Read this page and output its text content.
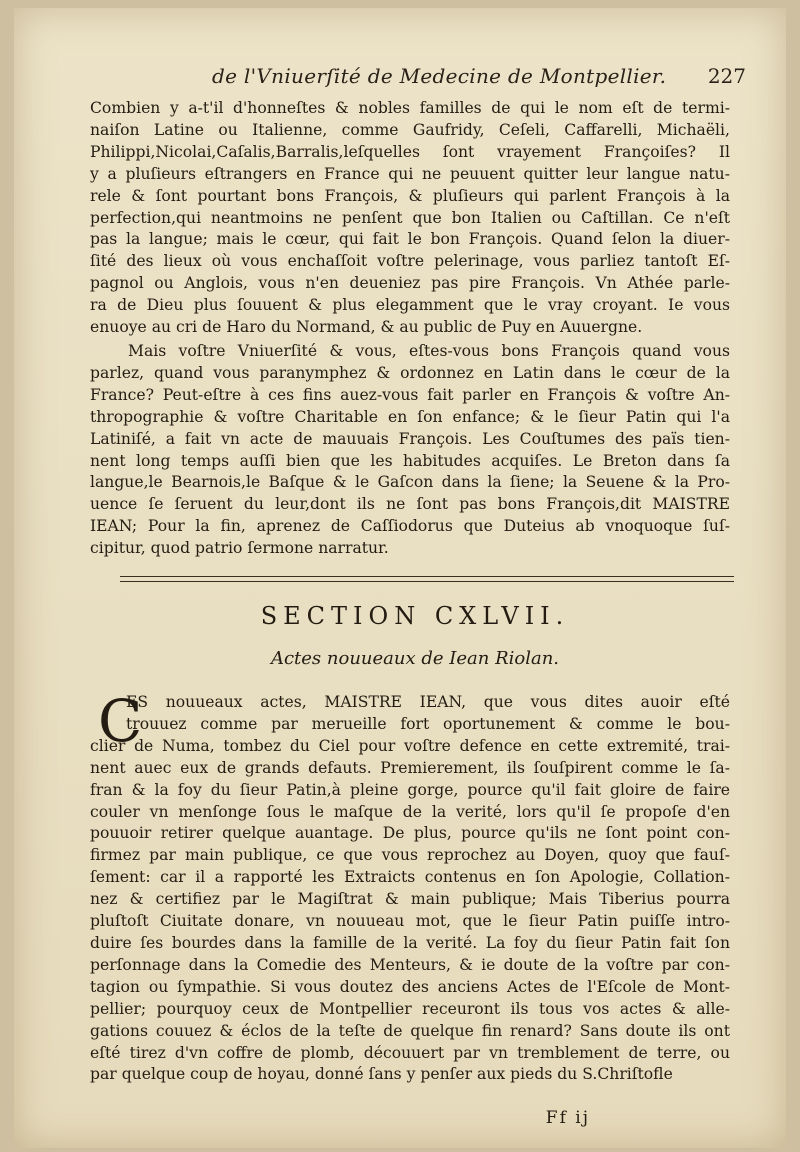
de l'Vniuerſité de Medecine de Montpellier. 227
Combien y a-t'il d'honneſtes & nobles familles de qui le nom eſt de termi-
naiſon Latine ou Italienne, comme Gaufridy, Ceſeli, Caffarelli, Michaëli,
Philippi,Nicolai,Caſalis,Barralis,leſquelles ſont vrayement Françoiſes? Il
y a pluſieurs eſtrangers en France qui ne peuuent quitter leur langue natu-
rele & ſont pourtant bons François, & pluſieurs qui parlent François à la
perfection,qui neantmoins ne penſent que bon Italien ou Caſtillan. Ce n'eſt
pas la langue; mais le cœur, qui fait le bon François. Quand ſelon la diuer-
ſité des lieux où vous enchaſſoit voſtre pelerinage, vous parliez tantoſt Eſ-
pagnol ou Anglois, vous n'en deueniez pas pire François. Vn Athée parle-
ra de Dieu plus ſouuent & plus elegamment que le vray croyant. Ie vous
enuoye au cri de Haro du Normand, & au public de Puy en Auuergne.
Mais voſtre Vniuerſité & vous, eſtes-vous bons François quand vous
parlez, quand vous paranymphez & ordonnez en Latin dans le cœur de la
France? Peut-eſtre à ces fins auez-vous fait parler en François & voſtre An-
thropographie & voſtre Charitable en ſon enfance; & le ſieur Patin qui l'a
Latiniſé, a fait vn acte de mauuais François. Les Couſtumes des païs tien-
nent long temps auſſi bien que les habitudes acquiſes. Le Breton dans ſa
langue,le Bearnois,le Baſque & le Gaſcon dans la ſiene; la Seuene & la Pro-
uence ſe ſeruent du leur,dont ils ne ſont pas bons François,dit MAISTRE
IEAN; Pour la fin, aprenez de Caſſiodorus que Duteius ab vnoquoque ſuſ-
cipitur, quod patrio ſermone narratur.
SECTION CXLVII.
Actes nouueaux de Iean Riolan.
C
ES nouueaux actes, MAISTRE IEAN, que vous dites auoir eſté
trouuez comme par merueille fort oportunement & comme le bou-
clier de Numa, tombez du Ciel pour voſtre defence en cette extremité, trai-
nent auec eux de grands defauts. Premierement, ils ſouſpirent comme le ſa-
fran & la foy du ſieur Patin,à pleine gorge, pource qu'il fait gloire de faire
couler vn menſonge ſous le maſque de la verité, lors qu'il ſe propoſe d'en
pouuoir retirer quelque auantage. De plus, pource qu'ils ne ſont point con-
firmez par main publique, ce que vous reprochez au Doyen, quoy que fauſ-
ſement: car il a rapporté les Extraicts contenus en ſon Apologie, Collation-
nez & certifiez par le Magiſtrat & main publique; Mais Tiberius pourra
pluſtoſt Ciuitate donare, vn nouueau mot, que le ſieur Patin puiſſe intro-
duire ſes bourdes dans la famille de la verité. La foy du ſieur Patin fait ſon
perſonnage dans la Comedie des Menteurs, & ie doute de la voſtre par con-
tagion ou ſympathie. Si vous doutez des anciens Actes de l'Eſcole de Mont-
pellier; pourquoy ceux de Montpellier receuront ils tous vos actes & alle-
gations couuez & éclos de la teſte de quelque fin renard? Sans doute ils ont
eſté tirez d'vn coffre de plomb, découuert par vn tremblement de terre, ou
par quelque coup de hoyau, donné ſans y penſer aux pieds du S.Chriſtofle
Ff ij
